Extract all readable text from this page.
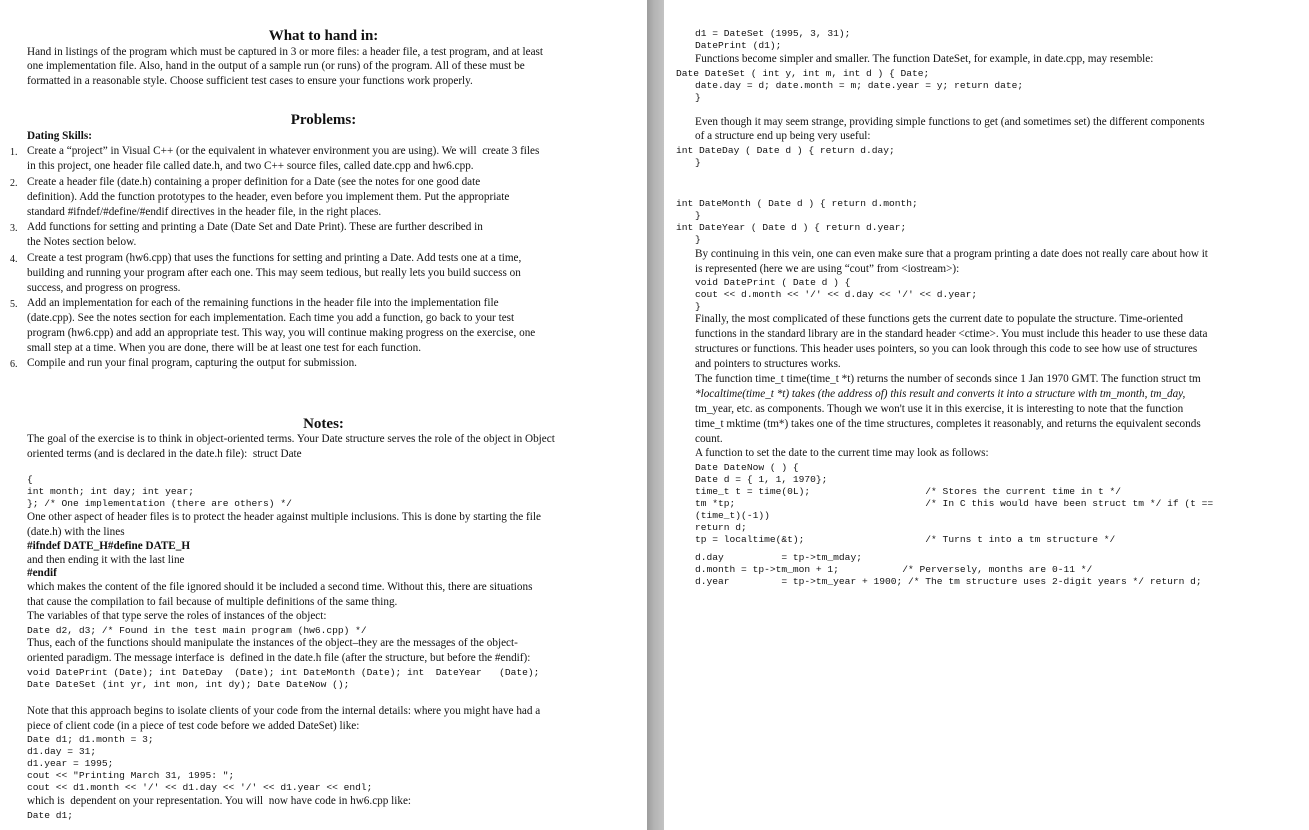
What to hand in:
Hand in listings of the program which must be captured in 3 or more files: a header file, a test program, and at least
one implementation file. Also, hand in the output of a sample run (or runs) of the program. All of these must be
formatted in a reasonable style. Choose sufficient test cases to ensure your functions work properly.
Problems:
Dating Skills:
1. Create a “project” in Visual C++ (or the equivalent in whatever environment you are using). We will  create 3 files
in this project, one header file called date.h, and two C++ source files, called date.cpp and hw6.cpp.
2. Create a header file (date.h) containing a proper definition for a Date (see the notes for one good date
definition). Add the function prototypes to the header, even before you implement them. Put the appropriate
standard #ifndef/#define/#endif directives in the header file, in the right places.
3. Add functions for setting and printing a Date (Date Set and Date Print). These are further described in
the Notes section below.
4. Create a test program (hw6.cpp) that uses the functions for setting and printing a Date. Add tests one at a time,
building and running your program after each one. This may seem tedious, but really lets you build success on
success, and progress on progress.
5. Add an implementation for each of the remaining functions in the header file into the implementation file
(date.cpp). See the notes section for each implementation. Each time you add a function, go back to your test
program (hw6.cpp) and add an appropriate test. This way, you will continue making progress on the exercise, one
small step at a time. When you are done, there will be at least one test for each function.
6. Compile and run your final program, capturing the output for submission.
Notes:
The goal of the exercise is to think in object-oriented terms. Your Date structure serves the role of the object in Object
oriented terms (and is declared in the date.h file):  struct Date
{
int month; int day; int year;
}; /* One implementation (there are others) */
One other aspect of header files is to protect the header against multiple inclusions. This is done by starting the file
(date.h) with the lines
#ifndef DATE_H#define DATE_H
and then ending it with the last line
#endif
which makes the content of the file ignored should it be included a second time. Without this, there are situations
that cause the compilation to fail because of multiple definitions of the same thing.
The variables of that type serve the roles of instances of the object:
Date d2, d3; /* Found in the test main program (hw6.cpp) */
Thus, each of the functions should manipulate the instances of the object–they are the messages of the object-
oriented paradigm. The message interface is  defined in the date.h file (after the structure, but before the #endif):
void DatePrint (Date); int DateDay  (Date); int DateMonth (Date); int  DateYear   (Date);
Date DateSet (int yr, int mon, int dy); Date DateNow ();
Note that this approach begins to isolate clients of your code from the internal details: where you might have had a
piece of client code (in a piece of test code before we added DateSet) like:
Date d1; d1.month = 3;
d1.day = 31;
d1.year = 1995;
cout << "Printing March 31, 1995: ";
cout << d1.month << '/' << d1.day << '/' << d1.year << endl;
which is  dependent on your representation. You will  now have code in hw6.cpp like:
Date d1;
d1 = DateSet (1995, 3, 31);
DatePrint (d1);
Functions become simpler and smaller. The function DateSet, for example, in date.cpp, may resemble:
Date DateSet ( int y, int m, int d ) { Date;
date.day = d; date.month = m; date.year = y; return date;
}
Even though it may seem strange, providing simple functions to get (and sometimes set) the different components
of a structure end up being very useful:
int DateDay ( Date d ) { return d.day;
}
int DateMonth ( Date d ) { return d.month;
}
int DateYear ( Date d ) { return d.year;
}
By continuing in this vein, one can even make sure that a program printing a date does not really care about how it
is represented (here we are using “cout” from <iostream>):
void DatePrint ( Date d ) {
cout << d.month << '/' << d.day << '/' << d.year;
}
Finally, the most complicated of these functions gets the current date to populate the structure. Time-oriented
functions in the standard library are in the standard header <ctime>. You must include this header to use these data
structures or functions. This header uses pointers, so you can look through this code to see how use of structures
and pointers to structures works.
The function time_t time(time_t *t) returns the number of seconds since 1 Jan 1970 GMT. The function struct tm
*localtime(time_t *t) takes (the address of) this result and converts it into a structure with tm_month, tm_day,
tm_year, etc. as components. Though we won't use it in this exercise, it is interesting to note that the function
time_t mktime (tm*) takes one of the time structures, completes it reasonably, and returns the equivalent seconds
count.
A function to set the date to the current time may look as follows:
Date DateNow ( ) {
Date d = { 1, 1, 1970};
time_t t = time(0L);                    /* Stores the current time in t */
tm *tp;                                 /* In C this would have been struct tm */ if (t ==
(time_t)(-1))
return d;
tp = localtime(&t);                     /* Turns t into a tm structure */
d.day          = tp->tm_mday;
d.month = tp->tm_mon + 1;           /* Perversely, months are 0-11 */
d.year         = tp->tm_year + 1900; /* The tm structure uses 2-digit years */ return d;
